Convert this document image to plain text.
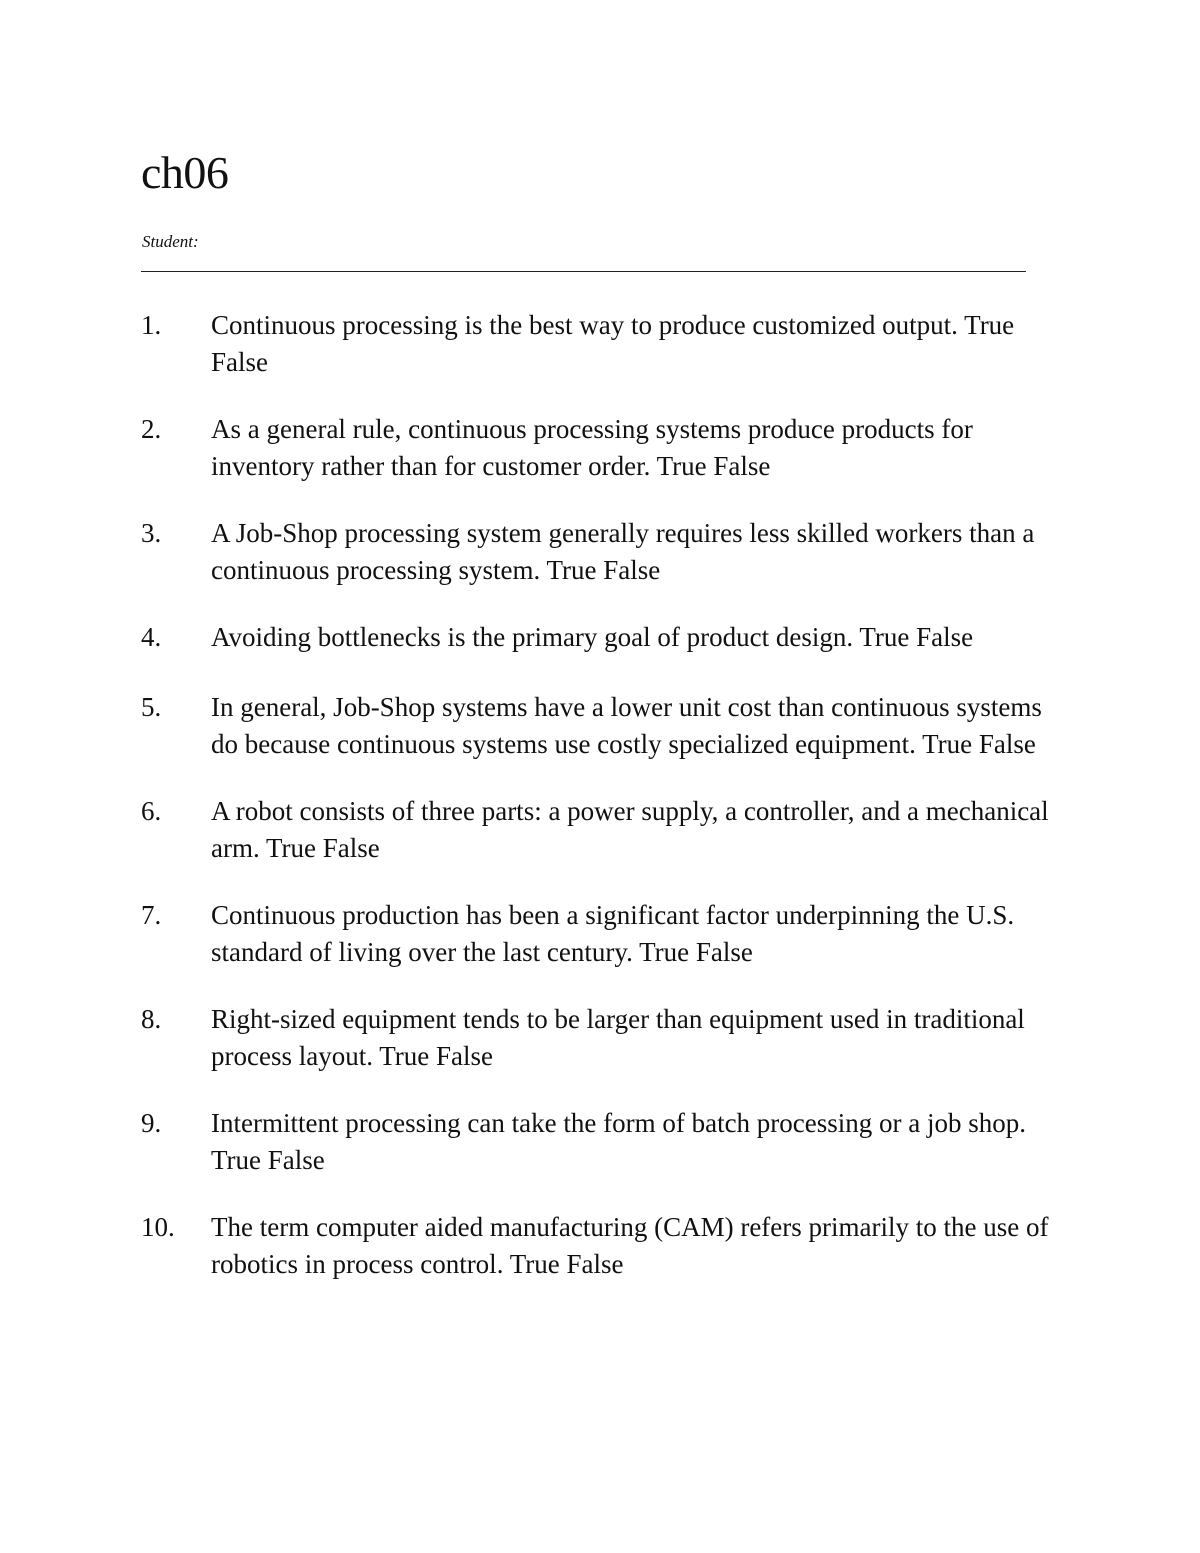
ch06
Student:
1. Continuous processing is the best way to produce customized output. True False
2. As a general rule, continuous processing systems produce products for inventory rather than for customer order. True False
3. A Job-Shop processing system generally requires less skilled workers than a continuous processing system. True False
4. Avoiding bottlenecks is the primary goal of product design. True False
5. In general, Job-Shop systems have a lower unit cost than continuous systems do because continuous systems use costly specialized equipment. True False
6. A robot consists of three parts: a power supply, a controller, and a mechanical arm. True False
7. Continuous production has been a significant factor underpinning the U.S. standard of living over the last century. True False
8. Right-sized equipment tends to be larger than equipment used in traditional process layout. True False
9. Intermittent processing can take the form of batch processing or a job shop. True False
10. The term computer aided manufacturing (CAM) refers primarily to the use of robotics in process control. True False
